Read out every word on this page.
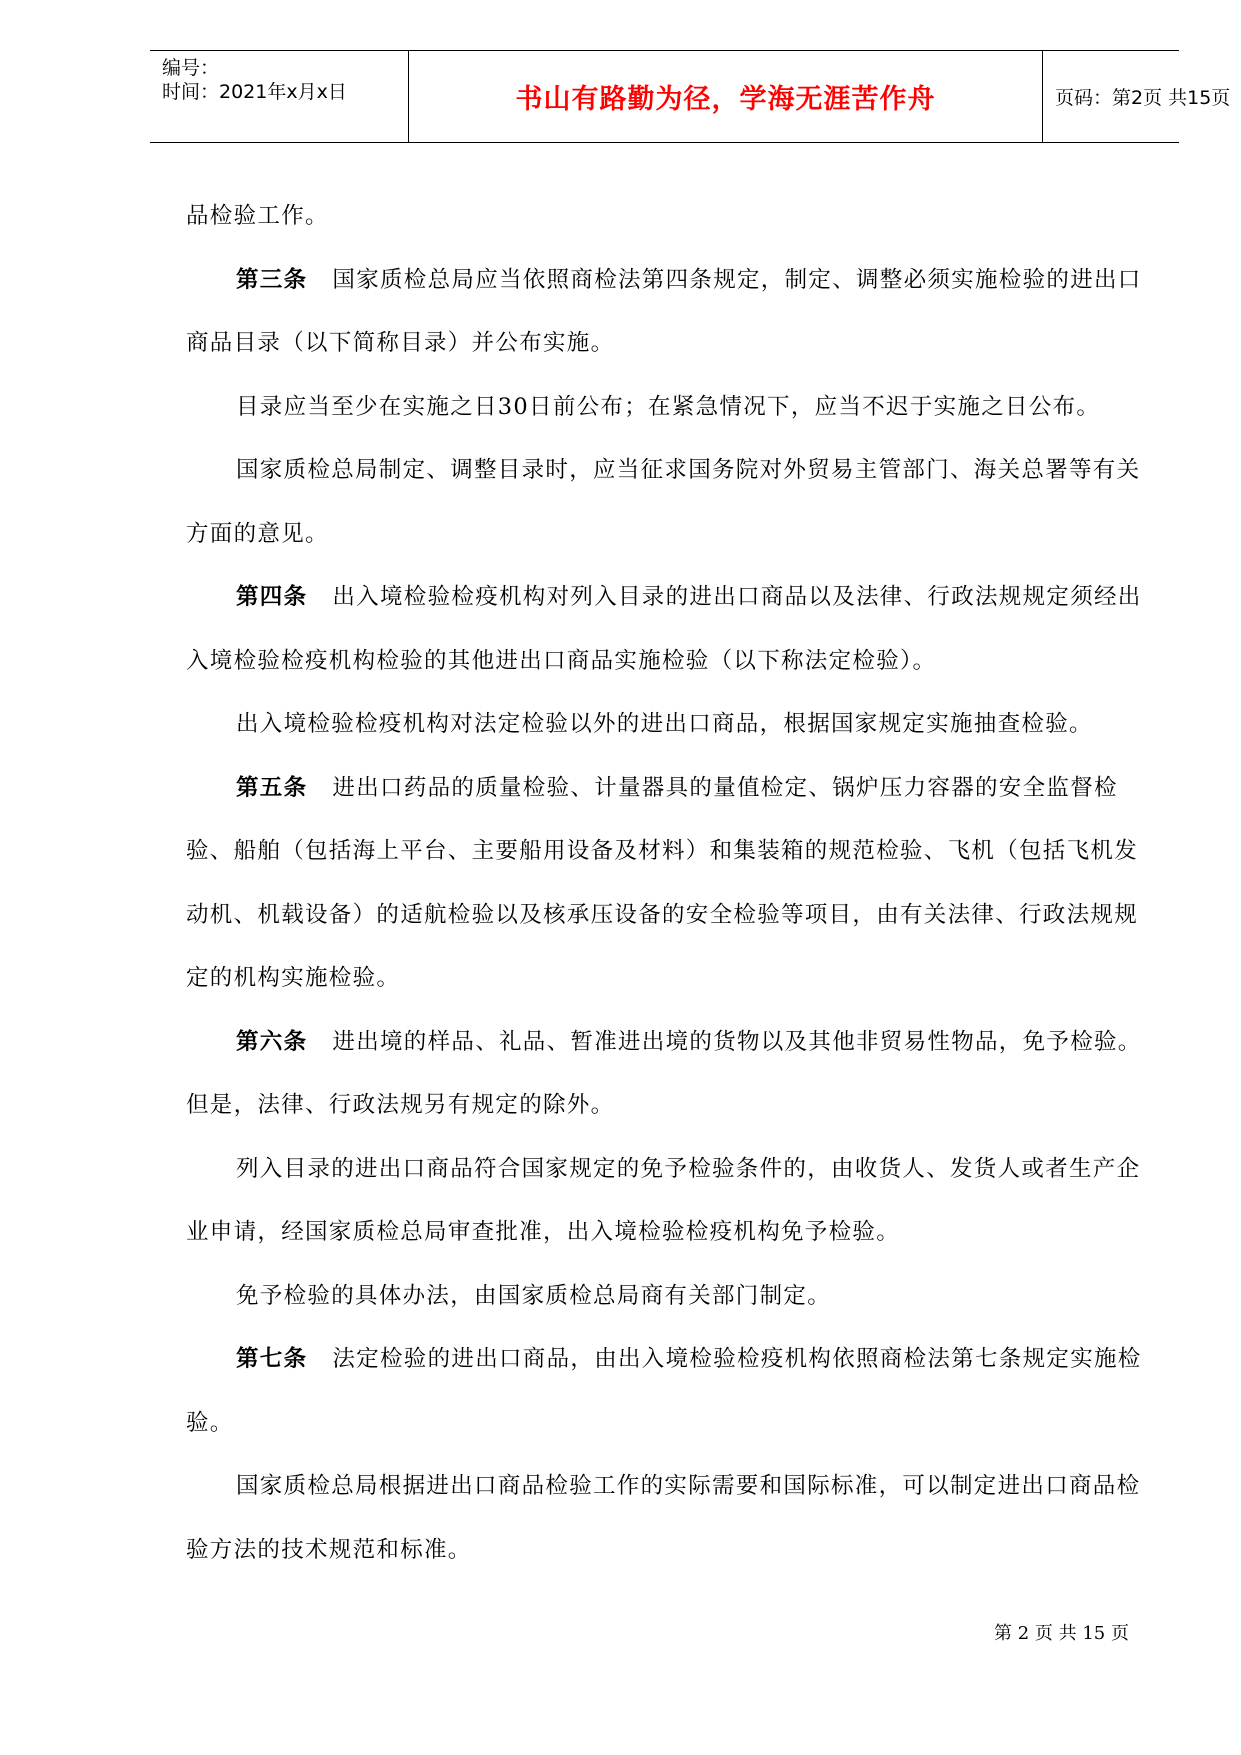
编号：
时间：2021年x月x日	书山有路勤为径，学海无涯苦作舟	页码：第2页 共15页

品检验工作。

第三条 国家质检总局应当依照商检法第四条规定，制定、调整必须实施检验的进出口商品目录（以下简称目录）并公布实施。

目录应当至少在实施之日30日前公布；在紧急情况下，应当不迟于实施之日公布。

国家质检总局制定、调整目录时，应当征求国务院对外贸易主管部门、海关总署等有关方面的意见。

第四条 出入境检验检疫机构对列入目录的进出口商品以及法律、行政法规规定须经出入境检验检疫机构检验的其他进出口商品实施检验（以下称法定检验）。

出入境检验检疫机构对法定检验以外的进出口商品，根据国家规定实施抽查检验。

第五条 进出口药品的质量检验、计量器具的量值检定、锅炉压力容器的安全监督检验、船舶（包括海上平台、主要船用设备及材料）和集装箱的规范检验、飞机（包括飞机发动机、机载设备）的适航检验以及核承压设备的安全检验等项目，由有关法律、行政法规规定的机构实施检验。

第六条 进出境的样品、礼品、暂准进出境的货物以及其他非贸易性物品，免予检验。但是，法律、行政法规另有规定的除外。

列入目录的进出口商品符合国家规定的免予检验条件的，由收货人、发货人或者生产企业申请，经国家质检总局审查批准，出入境检验检疫机构免予检验。

免予检验的具体办法，由国家质检总局商有关部门制定。

第七条 法定检验的进出口商品，由出入境检验检疫机构依照商检法第七条规定实施检验。

国家质检总局根据进出口商品检验工作的实际需要和国际标准，可以制定进出口商品检验方法的技术规范和标准。

第 2 页 共 15 页
